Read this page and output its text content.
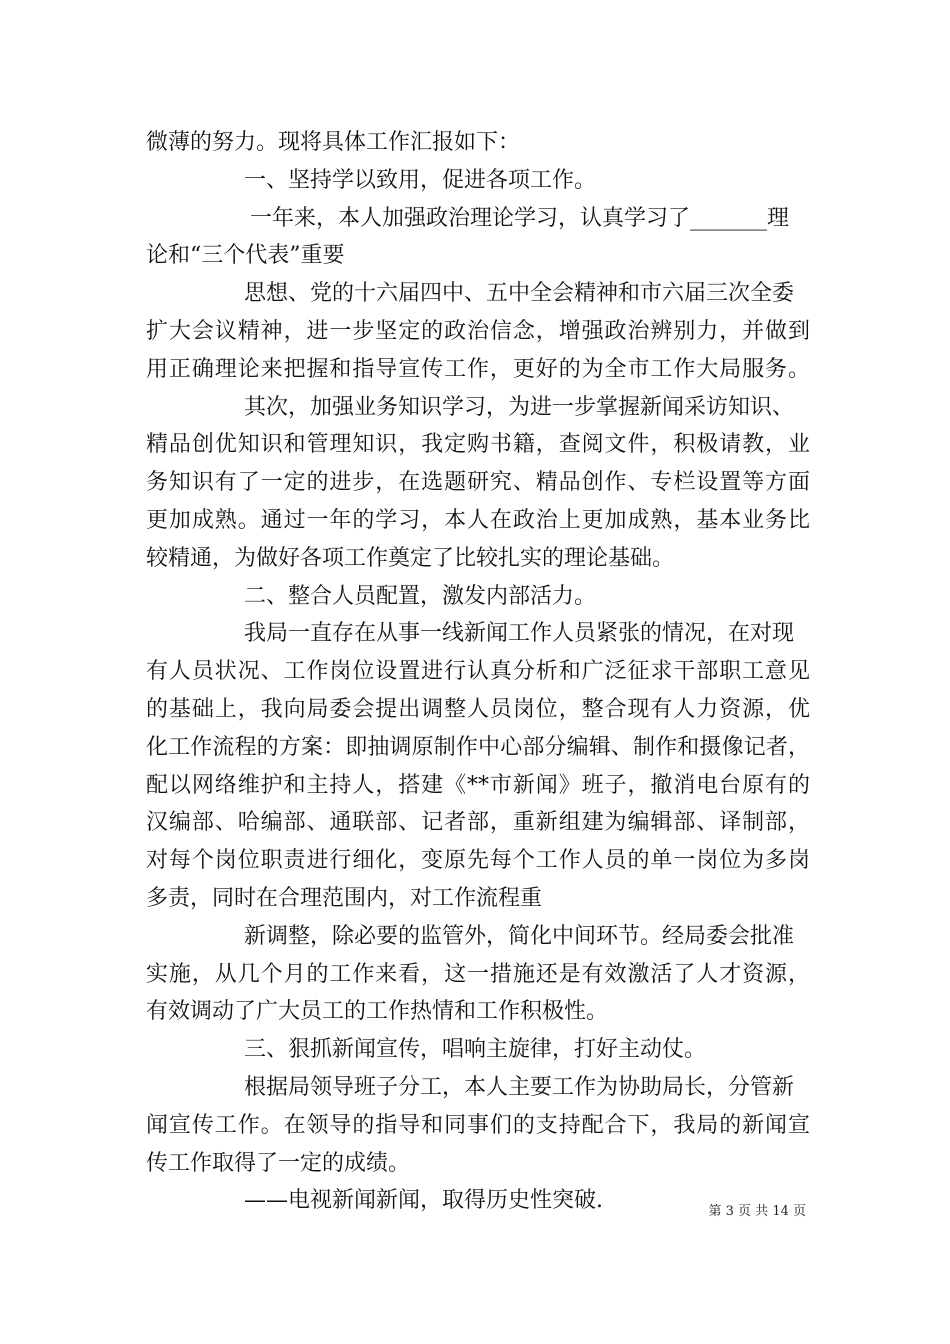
微薄的努力。现将具体工作汇报如下：
一、坚持学以致用，促进各项工作。
一年来，本人加强政治理论学习，认真学习了_______理
论和“三个代表”重要
思想、党的十六届四中、五中全会精神和市六届三次全委
扩大会议精神，进一步坚定的政治信念，增强政治辨别力，并做到
用正确理论来把握和指导宣传工作，更好的为全市工作大局服务。
其次，加强业务知识学习，为进一步掌握新闻采访知识、
精品创优知识和管理知识，我定购书籍，查阅文件，积极请教，业
务知识有了一定的进步，在选题研究、精品创作、专栏设置等方面
更加成熟。通过一年的学习，本人在政治上更加成熟，基本业务比
较精通，为做好各项工作奠定了比较扎实的理论基础。
二、整合人员配置，激发内部活力。
我局一直存在从事一线新闻工作人员紧张的情况，在对现
有人员状况、工作岗位设置进行认真分析和广泛征求干部职工意见
的基础上，我向局委会提出调整人员岗位，整合现有人力资源，优
化工作流程的方案：即抽调原制作中心部分编辑、制作和摄像记者，
配以网络维护和主持人，搭建《**市新闻》班子，撤消电台原有的
汉编部、哈编部、通联部、记者部，重新组建为编辑部、译制部，
对每个岗位职责进行细化，变原先每个工作人员的单一岗位为多岗
多责，同时在合理范围内，对工作流程重
新调整，除必要的监管外，简化中间环节。经局委会批准
实施，从几个月的工作来看，这一措施还是有效激活了人才资源，
有效调动了广大员工的工作热情和工作积极性。
三、狠抓新闻宣传，唱响主旋律，打好主动仗。
根据局领导班子分工，本人主要工作为协助局长，分管新
闻宣传工作。在领导的指导和同事们的支持配合下，我局的新闻宣
传工作取得了一定的成绩。
——电视新闻新闻，取得历史性突破.	第 3 页 共 14 页
